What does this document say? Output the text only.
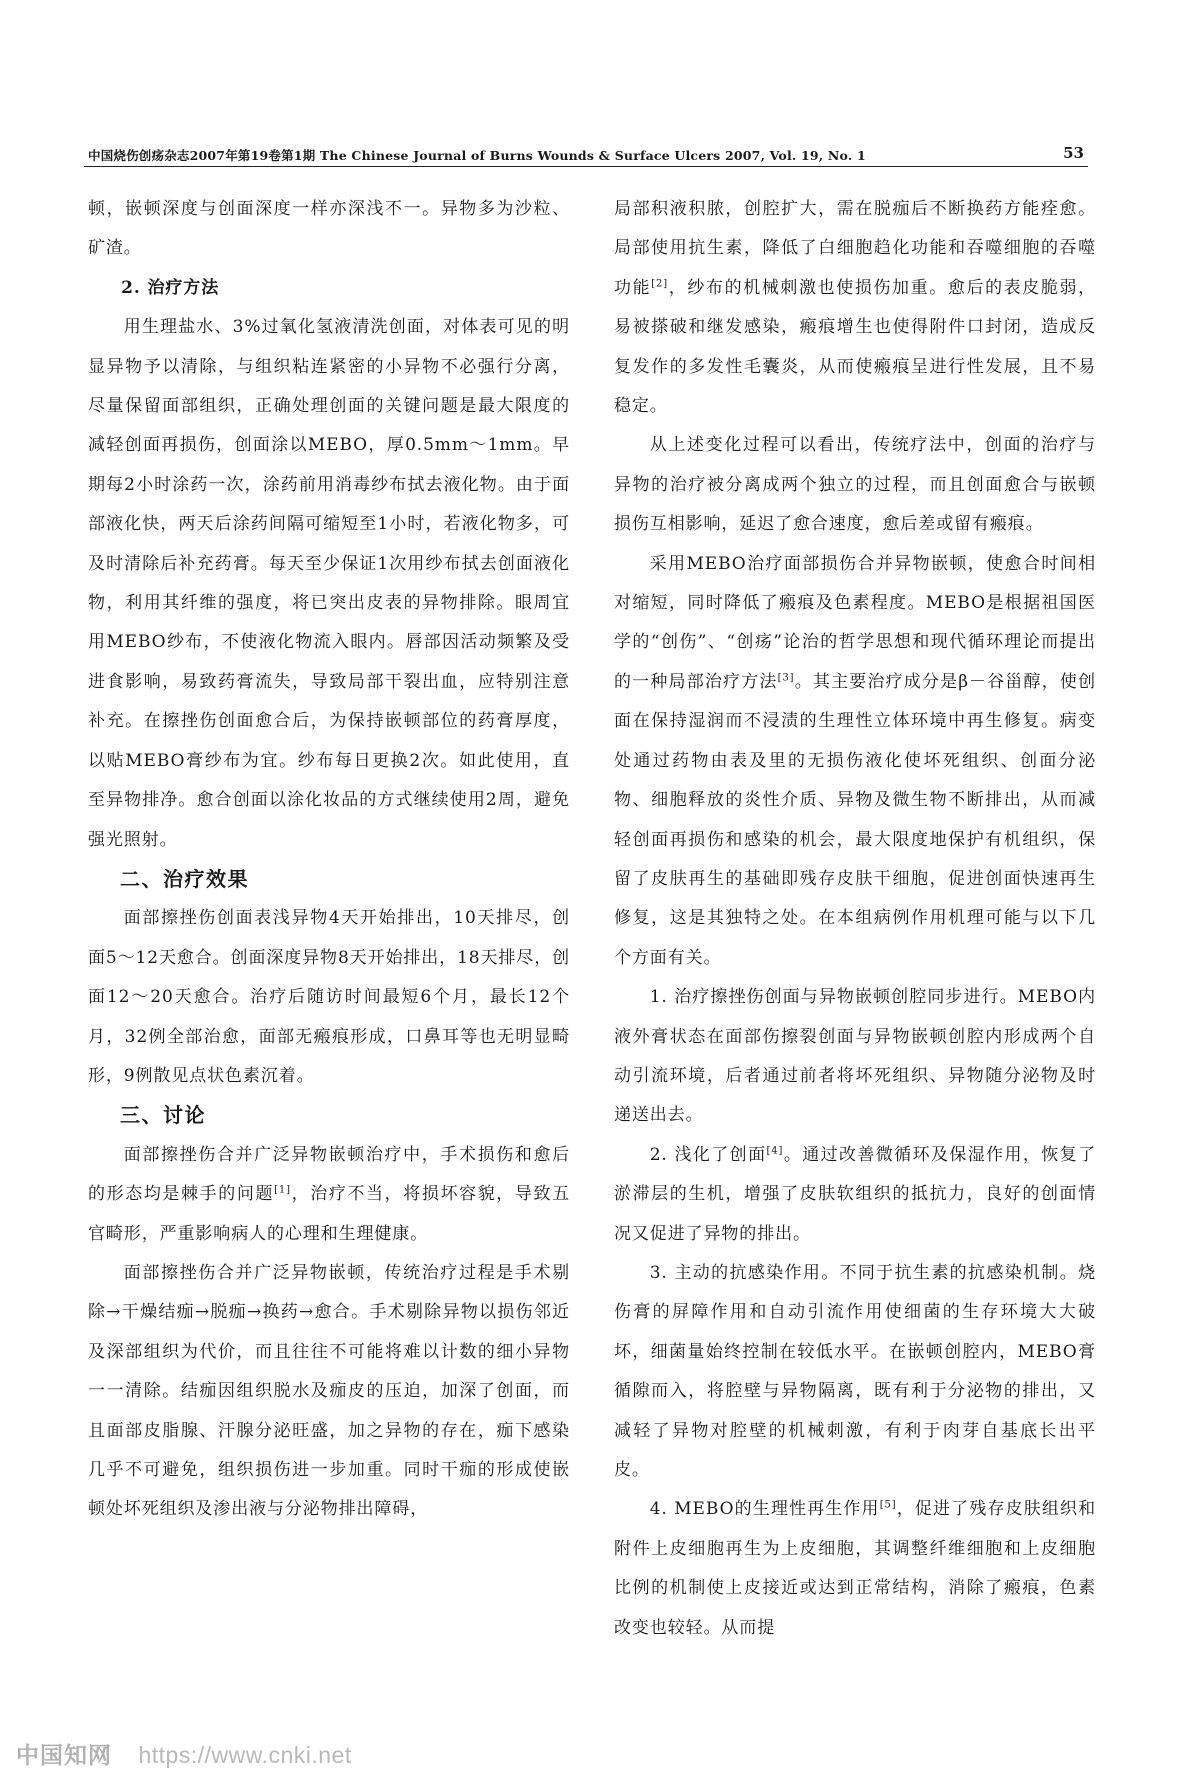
中国烧伤创疡杂志2007年第19卷第1期 The Chinese Journal of Burns Wounds & Surface Ulcers 2007, Vol. 19, No. 1	53

顿，嵌顿深度与创面深度一样亦深浅不一。异物多为沙粒、矿渣。

2. 治疗方法

用生理盐水、3%过氧化氢液清洗创面，对体表可见的明显异物予以清除，与组织粘连紧密的小异物不必强行分离，尽量保留面部组织，正确处理创面的关键问题是最大限度的减轻创面再损伤，创面涂以MEBO，厚0.5mm～1mm。早期每2小时涂药一次，涂药前用消毒纱布拭去液化物。由于面部液化快，两天后涂药间隔可缩短至1小时，若液化物多，可及时清除后补充药膏。每天至少保证1次用纱布拭去创面液化物，利用其纤维的强度，将已突出皮表的异物排除。眼周宜用MEBO纱布，不使液化物流入眼内。唇部因活动频繁及受进食影响，易致药膏流失，导致局部干裂出血，应特别注意补充。在擦挫伤创面愈合后，为保持嵌顿部位的药膏厚度，以贴MEBO膏纱布为宜。纱布每日更换2次。如此使用，直至异物排净。愈合创面以涂化妆品的方式继续使用2周，避免强光照射。

二、治疗效果

面部擦挫伤创面表浅异物4天开始排出，10天排尽，创面5～12天愈合。创面深度异物8天开始排出，18天排尽，创面12～20天愈合。治疗后随访时间最短6个月，最长12个月，32例全部治愈，面部无瘢痕形成，口鼻耳等也无明显畸形，9例散见点状色素沉着。

三、讨论

面部擦挫伤合并广泛异物嵌顿治疗中，手术损伤和愈后的形态均是棘手的问题[1]，治疗不当，将损坏容貌，导致五官畸形，严重影响病人的心理和生理健康。

面部擦挫伤合并广泛异物嵌顿，传统治疗过程是手术剔除→干燥结痂→脱痂→换药→愈合。手术剔除异物以损伤邻近及深部组织为代价，而且往往不可能将难以计数的细小异物一一清除。结痂因组织脱水及痂皮的压迫，加深了创面，而且面部皮脂腺、汗腺分泌旺盛，加之异物的存在，痂下感染几乎不可避免，组织损伤进一步加重。同时干痂的形成使嵌顿处坏死组织及渗出液与分泌物排出障碍，

局部积液积脓，创腔扩大，需在脱痂后不断换药方能痊愈。局部使用抗生素，降低了白细胞趋化功能和吞噬细胞的吞噬功能[2]，纱布的机械刺激也使损伤加重。愈后的表皮脆弱，易被搽破和继发感染，瘢痕增生也使得附件口封闭，造成反复发作的多发性毛囊炎，从而使瘢痕呈进行性发展，且不易稳定。

从上述变化过程可以看出，传统疗法中，创面的治疗与异物的治疗被分离成两个独立的过程，而且创面愈合与嵌顿损伤互相影响，延迟了愈合速度，愈后差或留有瘢痕。

采用MEBO治疗面部损伤合并异物嵌顿，使愈合时间相对缩短，同时降低了瘢痕及色素程度。MEBO是根据祖国医学的“创伤”、“创疡”论治的哲学思想和现代循环理论而提出的一种局部治疗方法[3]。其主要治疗成分是β－谷甾醇，使创面在保持湿润而不浸渍的生理性立体环境中再生修复。病变处通过药物由表及里的无损伤液化使坏死组织、创面分泌物、细胞释放的炎性介质、异物及微生物不断排出，从而减轻创面再损伤和感染的机会，最大限度地保护有机组织，保留了皮肤再生的基础即残存皮肤干细胞，促进创面快速再生修复，这是其独特之处。在本组病例作用机理可能与以下几个方面有关。

1. 治疗擦挫伤创面与异物嵌顿创腔同步进行。MEBO内液外膏状态在面部伤擦裂创面与异物嵌顿创腔内形成两个自动引流环境，后者通过前者将坏死组织、异物随分泌物及时递送出去。

2. 浅化了创面[4]。通过改善微循环及保湿作用，恢复了淤滞层的生机，增强了皮肤软组织的抵抗力，良好的创面情况又促进了异物的排出。

3. 主动的抗感染作用。不同于抗生素的抗感染机制。烧伤膏的屏障作用和自动引流作用使细菌的生存环境大大破坏，细菌量始终控制在较低水平。在嵌顿创腔内，MEBO膏循隙而入，将腔壁与异物隔离，既有利于分泌物的排出，又减轻了异物对腔壁的机械刺激，有利于肉芽自基底长出平皮。

4. MEBO的生理性再生作用[5]，促进了残存皮肤组织和附件上皮细胞再生为上皮细胞，其调整纤维细胞和上皮细胞比例的机制使上皮接近或达到正常结构，消除了瘢痕，色素改变也较轻。从而提

中国知网 https://www.cnki.net
